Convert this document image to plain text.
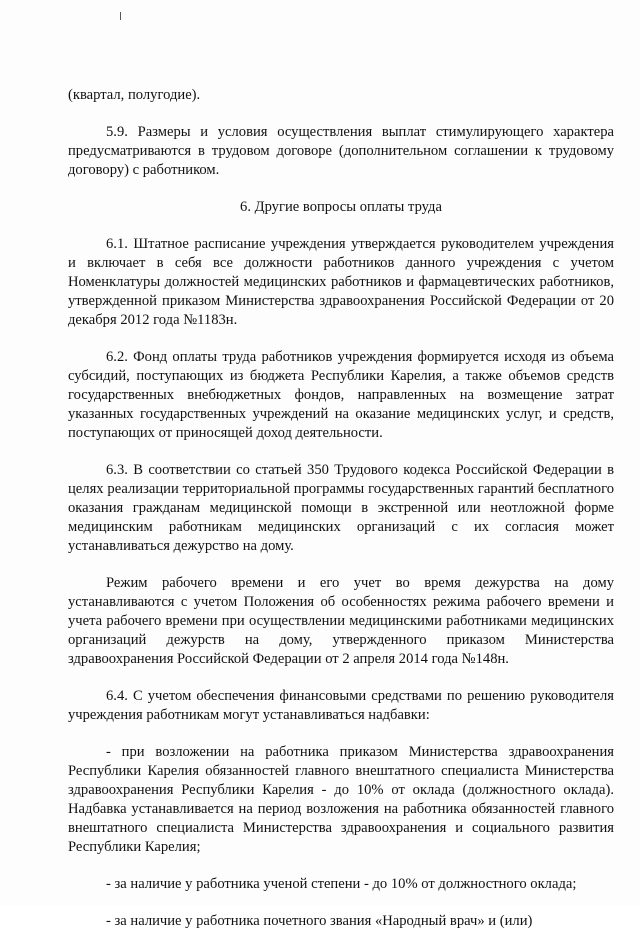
(квартал, полугодие).

5.9. Размеры и условия осуществления выплат стимулирующего характера предусматриваются в трудовом договоре (дополнительном соглашении к трудовому договору) с работником.

6. Другие вопросы оплаты труда

6.1. Штатное расписание учреждения утверждается руководителем учреждения и включает в себя все должности работников данного учреждения с учетом Номенклатуры должностей медицинских работников и фармацевтических работников, утвержденной приказом Министерства здравоохранения Российской Федерации от 20 декабря 2012 года №1183н.

6.2. Фонд оплаты труда работников учреждения формируется исходя из объема субсидий, поступающих из бюджета Республики Карелия, а также объемов средств государственных внебюджетных фондов, направленных на возмещение затрат указанных государственных учреждений на оказание медицинских услуг, и средств, поступающих от приносящей доход деятельности.

6.3. В соответствии со статьей 350 Трудового кодекса Российской Федерации в целях реализации территориальной программы государственных гарантий бесплатного оказания гражданам медицинской помощи в экстренной или неотложной форме медицинским работникам медицинских организаций с их согласия может устанавливаться дежурство на дому.

Режим рабочего времени и его учет во время дежурства на дому устанавливаются с учетом Положения об особенностях режима рабочего времени и учета рабочего времени при осуществлении медицинскими работниками медицинских организаций дежурств на дому, утвержденного приказом Министерства здравоохранения Российской Федерации от 2 апреля 2014 года №148н.

6.4. С учетом обеспечения финансовыми средствами по решению руководителя учреждения работникам могут устанавливаться надбавки:

- при возложении на работника приказом Министерства здравоохранения Республики Карелия обязанностей главного внештатного специалиста Министерства здравоохранения Республики Карелия - до 10% от оклада (должностного оклада). Надбавка устанавливается на период возложения на работника обязанностей главного внештатного специалиста Министерства здравоохранения и социального развития Республики Карелия;

- за наличие у работника ученой степени - до 10% от должностного оклада;

- за наличие у работника почетного звания «Народный врач» и (или)
